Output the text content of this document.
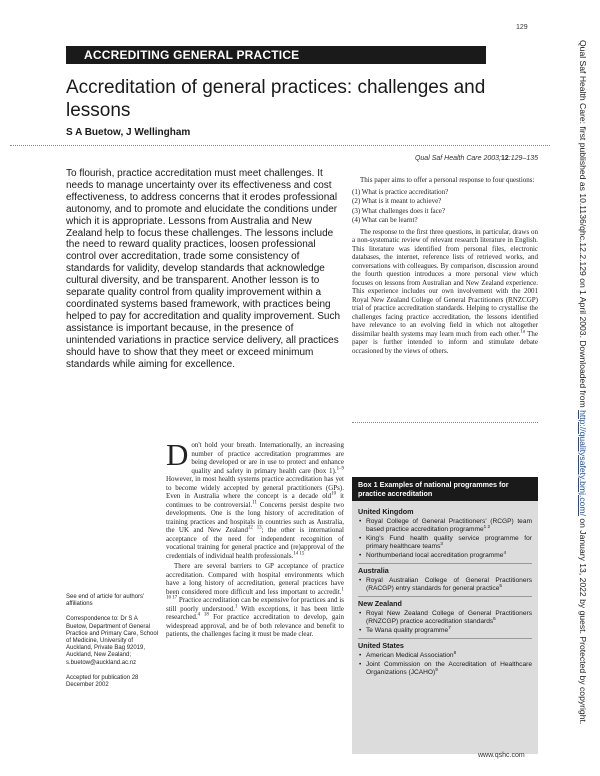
129
ACCREDITING GENERAL PRACTICE
Accreditation of general practices: challenges and lessons
S A Buetow, J Wellingham
Qual Saf Health Care 2003;12:129–135
To flourish, practice accreditation must meet challenges. It needs to manage uncertainty over its effectiveness and cost effectiveness, to address concerns that it erodes professional autonomy, and to promote and elucidate the conditions under which it is appropriate. Lessons from Australia and New Zealand help to focus these challenges. The lessons include the need to reward quality practices, loosen professional control over accreditation, trade some consistency of standards for validity, develop standards that acknowledge cultural diversity, and be transparent. Another lesson is to separate quality control from quality improvement within a coordinated systems based framework, with practices being helped to pay for accreditation and quality improvement. Such assistance is important because, in the presence of unintended variations in practice service delivery, all practices should have to show that they meet or exceed minimum standards while aiming for excellence.

This paper aims to offer a personal response to four questions:

(1) What is practice accreditation?

(2) What is it meant to achieve?

(3) What challenges does it face?

(4) What can be learnt?

The response to the first three questions, in particular, draws on a non-systematic review of relevant research literature in English. This literature was identified from personal files, electronic databases, the internet, reference lists of retrieved works, and conversations with colleagues. By comparison, discussion around the fourth question introduces a more personal view which focuses on lessons from Australian and New Zealand experience. This experience includes our own involvement with the 2001 Royal New Zealand College of General Practitioners (RNZCGP) trial of practice accreditation standards. Helping to crystallise the challenges facing practice accreditation, the lessons identified have relevance to an evolving field in which not altogether dissimilar health systems may learn much from each other.$^{1a}$ The paper is further intended to inform and stimulate debate occasioned by the views of others.

Don't hold your breath. Internationally, an increasing number of practice accreditation programmes are being developed or are in use to protect and enhance quality and safety in primary health care (box 1).$^{1-9}$ However, in most health systems practice accreditation has yet to become widely accepted by general practitioners (GPs). Even in Australia where the concept is a decade old$^{10}$ it continues to be controversial.$^{11}$ Concerns persist despite two developments. One is the long history of accreditation of training practices and hospitals in countries such as Australia, the UK and New Zealand$^{12 13}$; the other is international acceptance of the need for independent recognition of vocational training for general practice and (re)approval of the credentials of individual health professionals.$^{14 15}$

There are several barriers to GP acceptance of practice accreditation. Compared with hospital environments which have a long history of accreditation, general practices have been considered more difficult and less important to accredit.$^{1 16 17}$ Practice accreditation can be expensive for practices and is still poorly understood.$^1$ With exceptions, it has been little researched.$^{4 18}$ For practice accreditation to develop, gain widespread approval, and be of both relevance and benefit to patients, the challenges facing it must be made clear.

See end of article for authors' affiliations

Correspondence to: Dr S A Buetow, Department of General Practice and Primary Care, School of Medicine, University of Auckland, Private Bag 92019, Auckland, New Zealand; s.buetow@auckland.ac.nz

Accepted for publication 28 December 2002

Box 1 Examples of national programmes for practice accreditation
United Kingdom
• Royal College of General Practitioners' (RCGP) team based practice accreditation programme$^{1 2}$
• King's Fund health quality service programme for primary healthcare teams$^3$
• Northumberland local accreditation programme$^4$
Australia
• Royal Australian College of General Practitioners (RACGP) entry standards for general practice$^5$
New Zealand
• Royal New Zealand College of General Practitioners (RNZCGP) practice accreditation standards$^6$
• Te Wana quality programme$^7$
United States
• American Medical Association$^8$
• Joint Commission on the Accreditation of Healthcare Organizations (JCAHO)$^9$
www.qshc.com
Qual Saf Health Care: first published as 10.1136/qhc.12.2.129 on 1 April 2003. Downloaded from http://qualitysafety.bmj.com/ on January 13, 2022 by guest. Protected by copyright.
